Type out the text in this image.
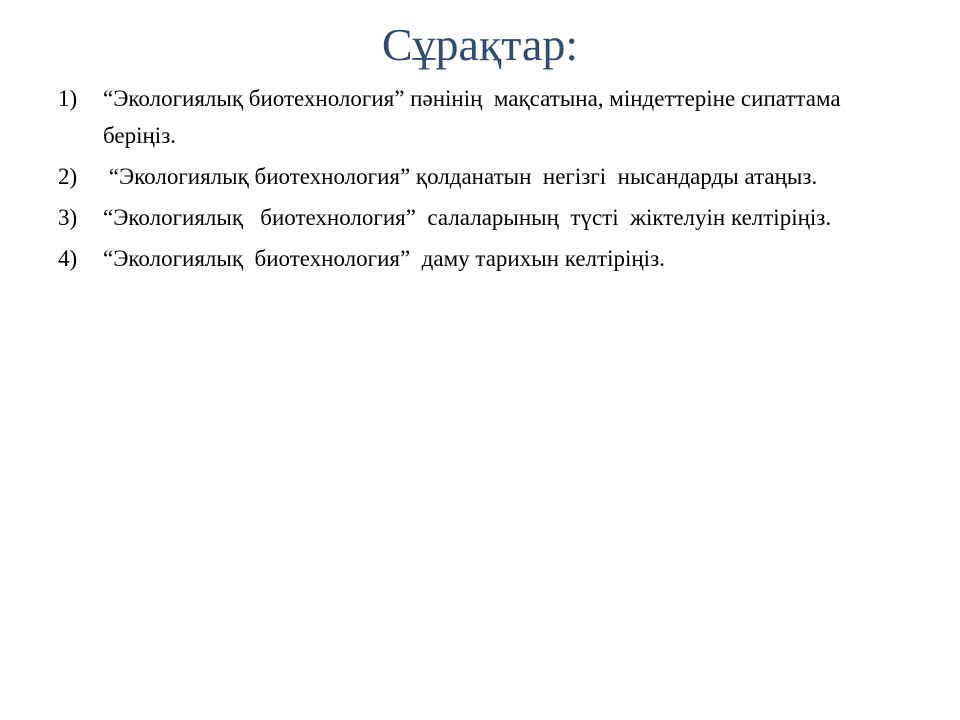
Сұрақтар:
1) “Экологиялық биотехнология” пәнінің  мақсатына, міндеттеріне сипаттама  беріңіз.
2) “Экологиялық биотехнология” қолданатын  негізгі  нысандарды атаңыз.
3) “Экологиялық   биотехнология”  салаларының  түсті  жіктелуін келтіріңіз.
4) “Экологиялық  биотехнология”  даму тарихын келтіріңіз.
